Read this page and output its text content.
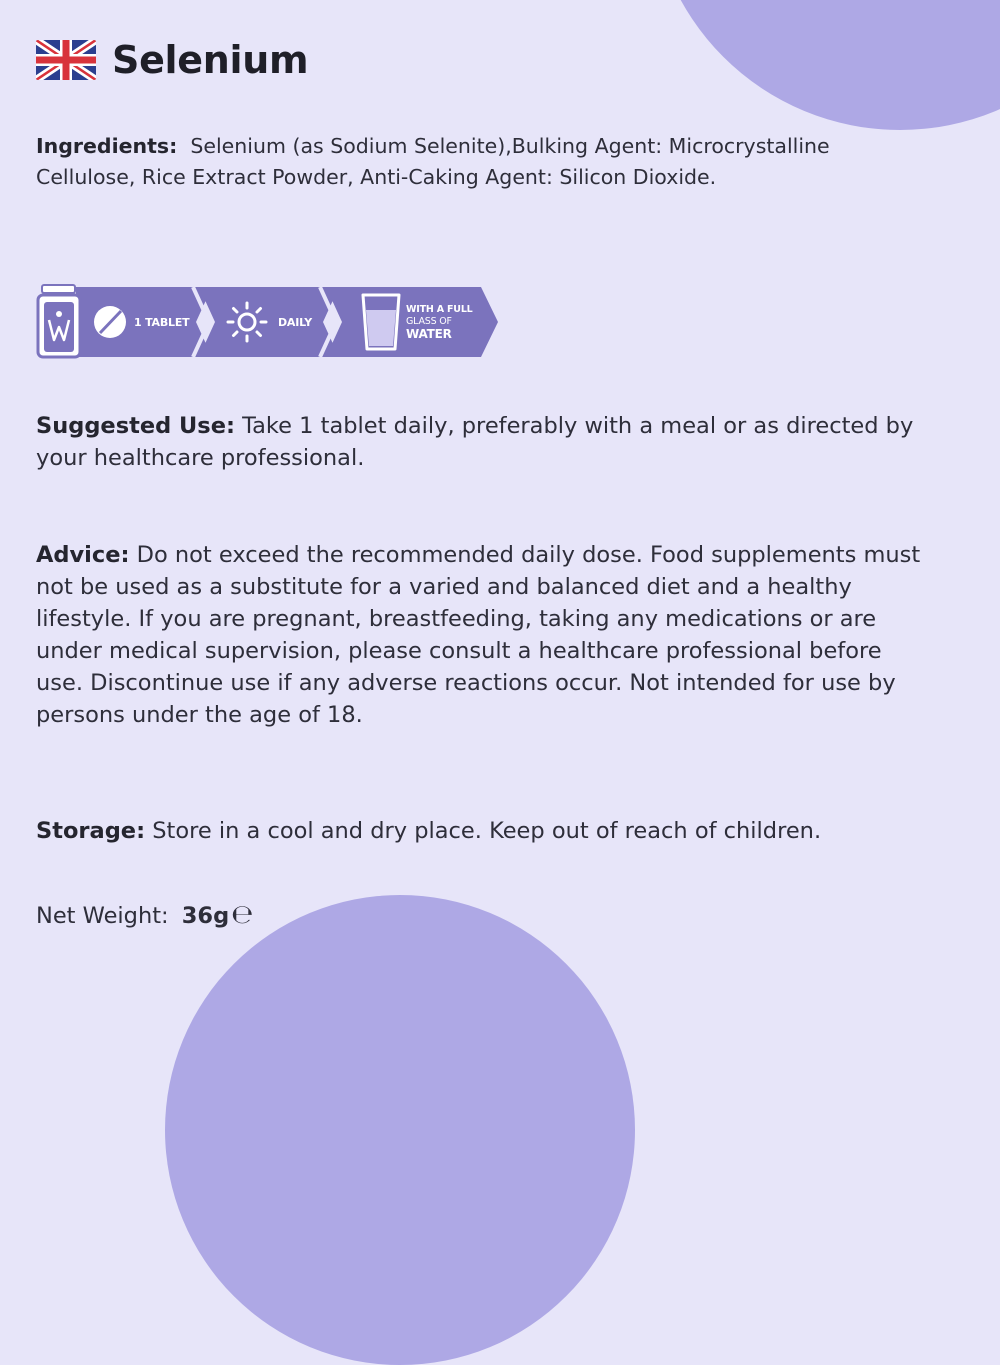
Selenium
Ingredients: Selenium (as Sodium Selenite),Bulking Agent: Microcrystalline Cellulose, Rice Extract Powder, Anti-Caking Agent: Silicon Dioxide.
1 TABLET	DAILY
WITH A FULL
GLASS OF
WATER
Suggested Use: Take 1 tablet daily, preferably with a meal or as directed by your healthcare professional.
Advice: Do not exceed the recommended daily dose. Food supplements must not be used as a substitute for a varied and balanced diet and a healthy lifestyle. If you are pregnant, breastfeeding, taking any medications or are under medical supervision, please consult a healthcare professional before use. Discontinue use if any adverse reactions occur. Not intended for use by persons under the age of 18.
Storage: Store in a cool and dry place. Keep out of reach of children.
Net Weight: 36g℮
